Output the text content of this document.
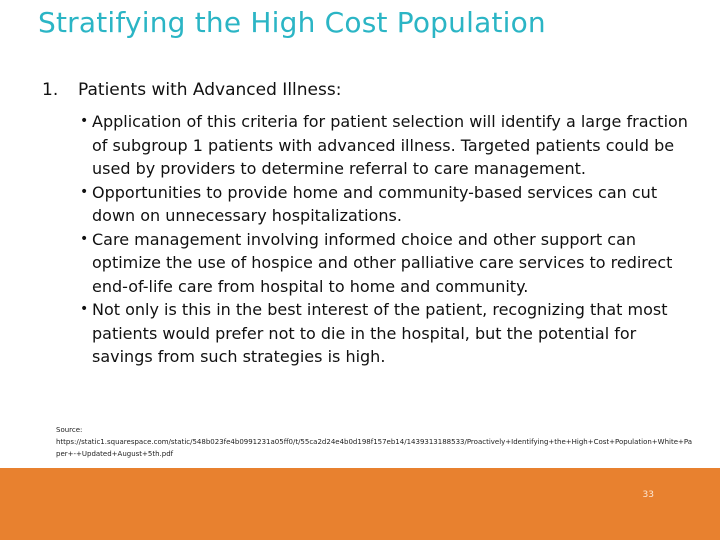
Stratifying the High Cost Population
1. Patients with Advanced Illness:
• Application of this criteria for patient selection will identify a large fraction of subgroup 1 patients with advanced illness. Targeted patients could be used by providers to determine referral to care management.
• Opportunities to provide home and community-based services can cut down on unnecessary hospitalizations.
• Care management involving informed choice and other support can optimize the use of hospice and other palliative care services to redirect end-of-life care from hospital to home and community.
• Not only is this in the best interest of the patient, recognizing that most patients would prefer not to die in the hospital, but the potential for savings from such strategies is high.
Source:
https://static1.squarespace.com/static/548b023fe4b0991231a05ff0/t/55ca2d24e4b0d198f157eb14/1439313188533/Proactively+Identifying+the+High+Cost+Population+White+Paper+-+Updated+August+5th.pdf
33
